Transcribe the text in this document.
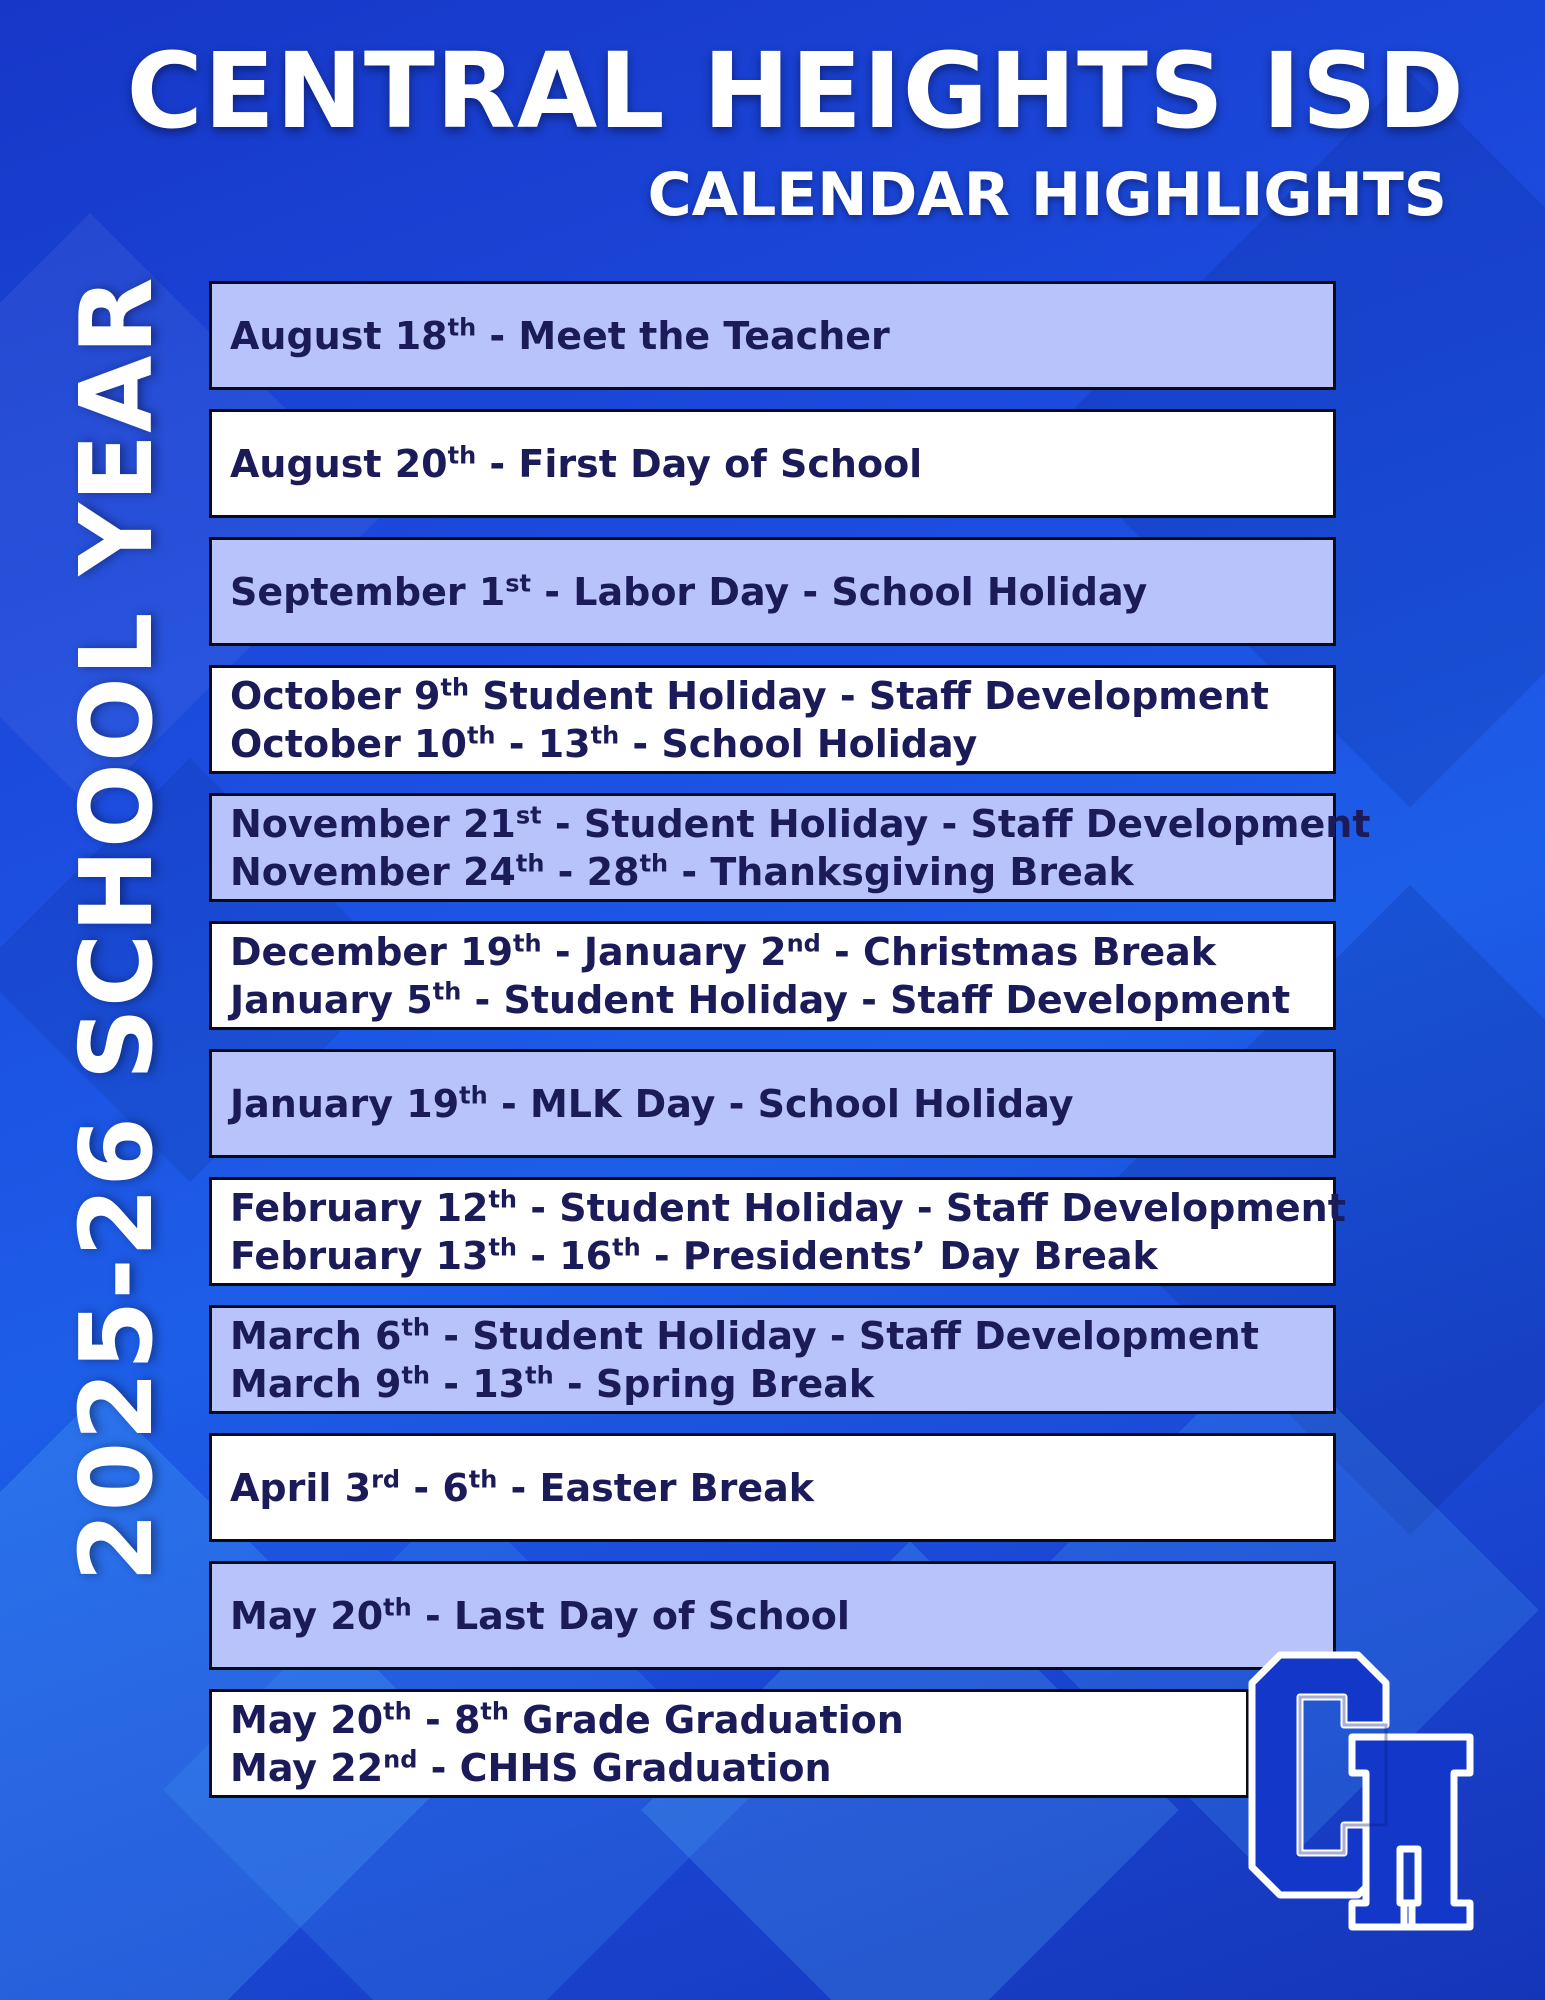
CENTRAL HEIGHTS ISD
CALENDAR HIGHLIGHTS
2025-26 SCHOOL YEAR August 18th - Meet the Teacher
August 20th - First Day of School
September 1st - Labor Day - School Holiday
October 9th Student Holiday - Staff Development
October 10th - 13th - School Holiday
November 21st - Student Holiday - Staff Development
November 24th - 28th - Thanksgiving Break
December 19th - January 2nd - Christmas Break
January 5th - Student Holiday - Staff Development
January 19th - MLK Day - School Holiday
February 12th - Student Holiday - Staff Development
February 13th - 16th - Presidents’ Day Break
March 6th - Student Holiday - Staff Development
March 9th - 13th - Spring Break
April 3rd - 6th - Easter Break
May 20th - Last Day of School
May 20th - 8th Grade Graduation
May 22nd - CHHS Graduation
